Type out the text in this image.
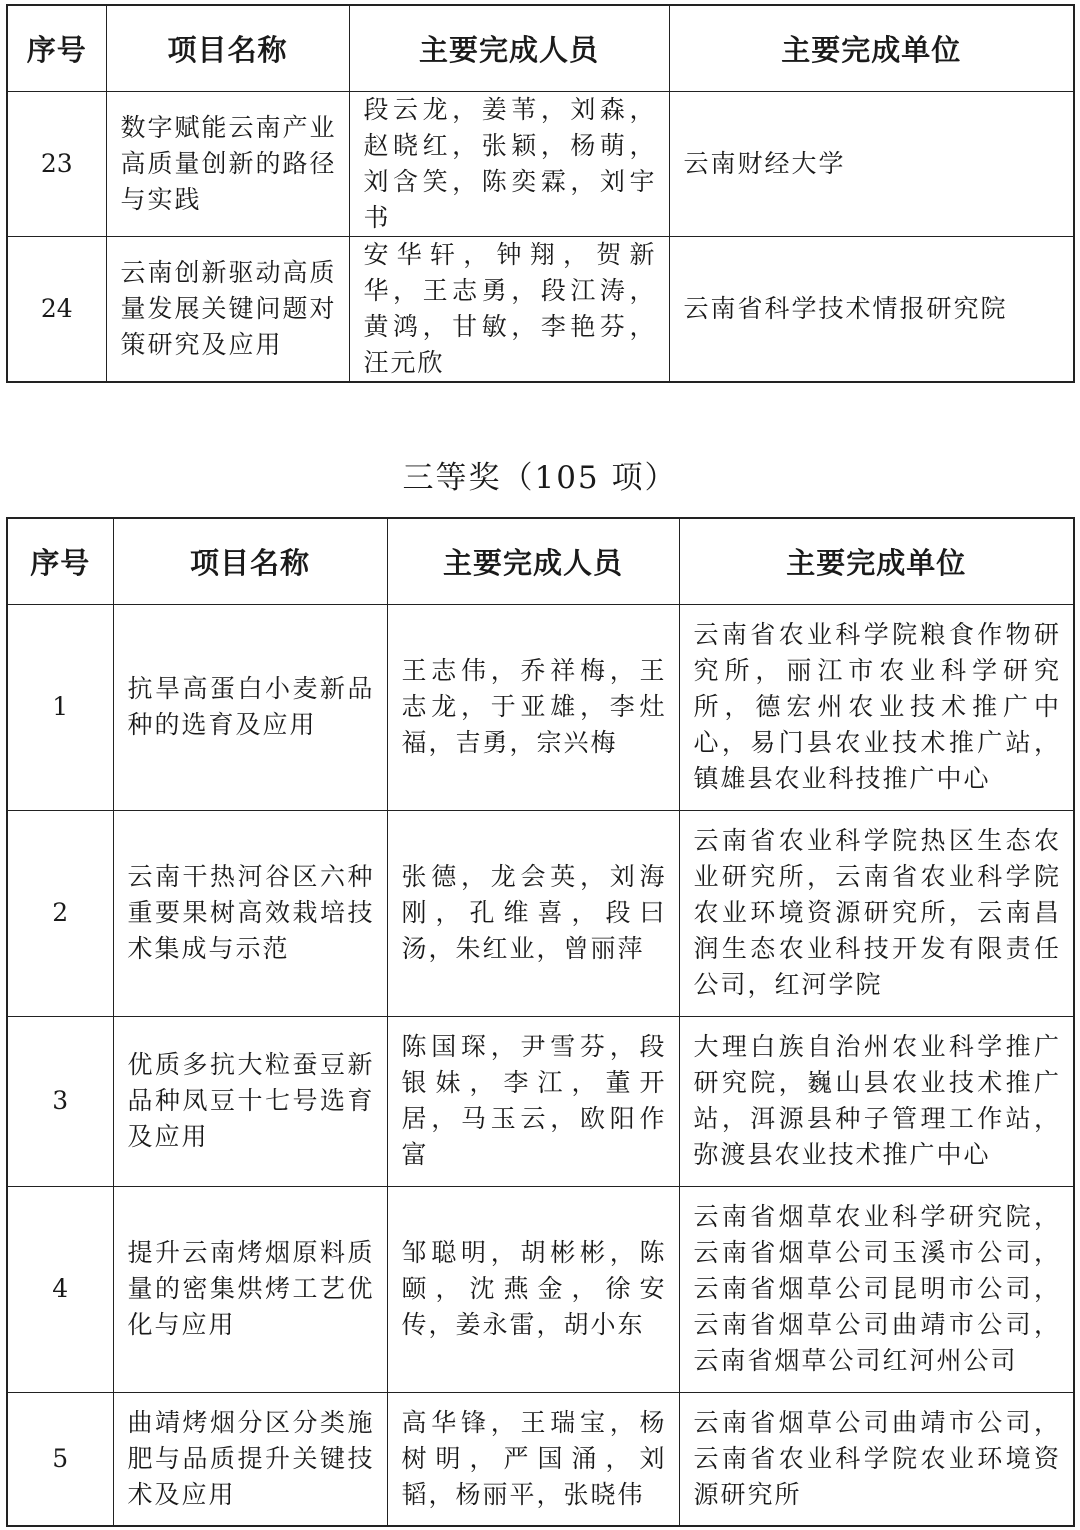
序号	项目名称	主要完成人员	主要完成单位
23	数字赋能云南产业高质量创新的路径与实践	段云龙，姜苇，刘森，赵晓红，张颖，杨萌，刘含笑，陈奕霖，刘宇书	云南财经大学
24	云南创新驱动高质量发展关键问题对策研究及应用	安华轩，钟翔，贺新华，王志勇，段江涛，黄鸿，甘敏，李艳芬，汪元欣	云南省科学技术情报研究院
三等奖（105 项）
序号	项目名称	主要完成人员	主要完成单位
1	抗旱高蛋白小麦新品种的选育及应用	王志伟，乔祥梅，王志龙，于亚雄，李灶福，吉勇，宗兴梅	云南省农业科学院粮食作物研究所，丽江市农业科学研究所，德宏州农业技术推广中心，易门县农业技术推广站，镇雄县农业科技推广中心
2	云南干热河谷区六种重要果树高效栽培技术集成与示范	张德，龙会英，刘海刚，孔维喜，段曰汤，朱红业，曾丽萍	云南省农业科学院热区生态农业研究所，云南省农业科学院农业环境资源研究所，云南昌润生态农业科技开发有限责任公司，红河学院
3	优质多抗大粒蚕豆新品种凤豆十七号选育及应用	陈国琛，尹雪芬，段银妹，李江，董开居，马玉云，欧阳作富	大理白族自治州农业科学推广研究院，巍山县农业技术推广站，洱源县种子管理工作站，弥渡县农业技术推广中心
4	提升云南烤烟原料质量的密集烘烤工艺优化与应用	邹聪明，胡彬彬，陈颐，沈燕金，徐安传，姜永雷，胡小东	云南省烟草农业科学研究院，云南省烟草公司玉溪市公司，云南省烟草公司昆明市公司，云南省烟草公司曲靖市公司，云南省烟草公司红河州公司
5	曲靖烤烟分区分类施肥与品质提升关键技术及应用	高华锋，王瑞宝，杨树明，严国涌，刘韬，杨丽平，张晓伟	云南省烟草公司曲靖市公司，云南省农业科学院农业环境资源研究所
